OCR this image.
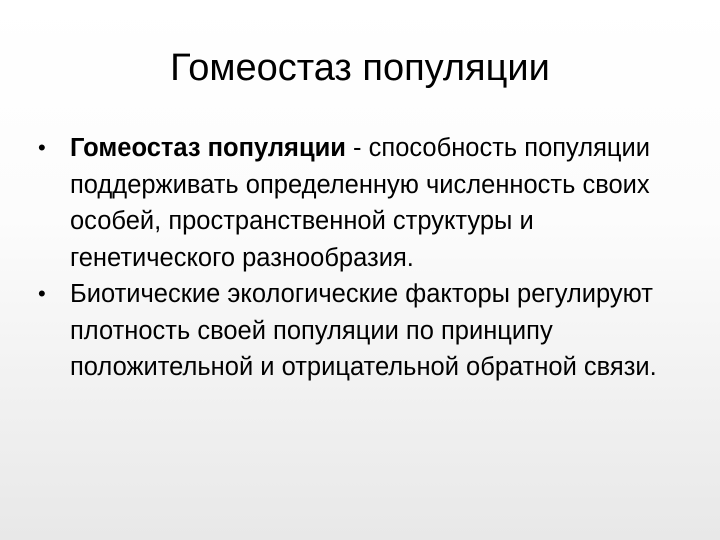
Гомеостаз популяции
• Гомеостаз популяции - способность популяции поддерживать определенную численность своих особей, пространственной структуры и генетического разнообразия.
• Биотические экологические факторы регулируют плотность своей популяции по принципу положительной и отрицательной обратной связи.
